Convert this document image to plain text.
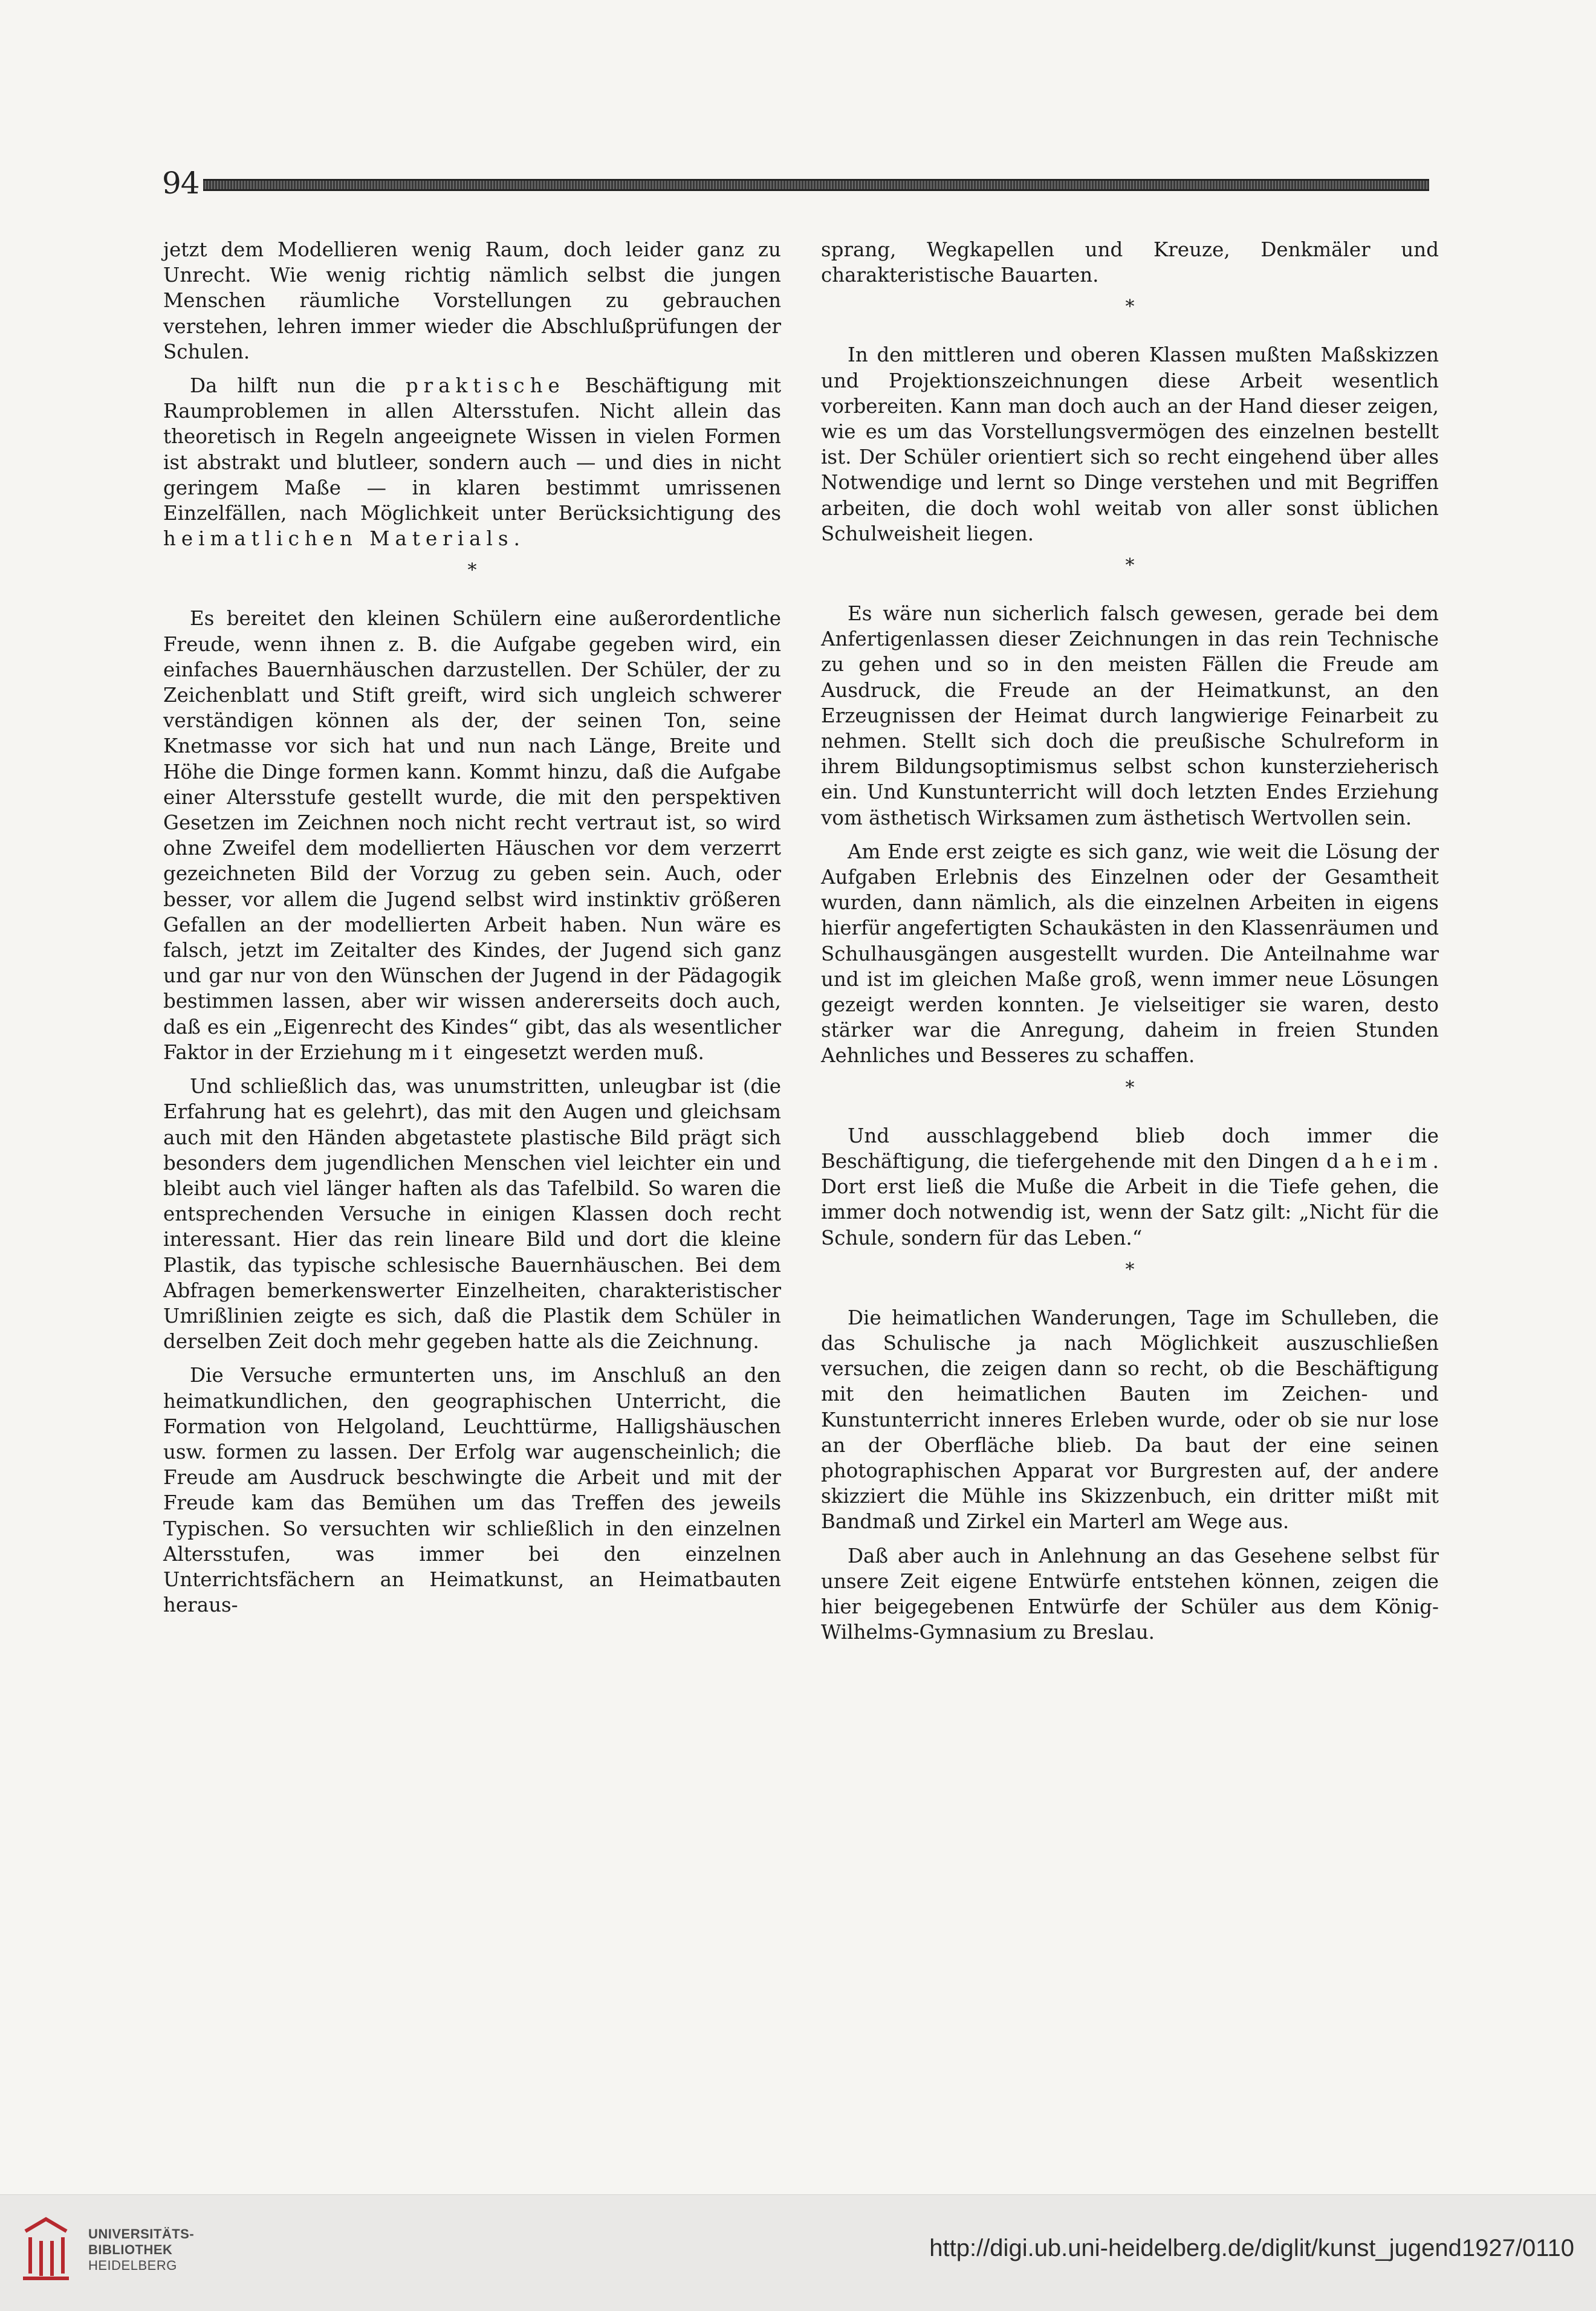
94

jetzt dem Modellieren wenig Raum, doch leider ganz zu Unrecht. Wie wenig richtig nämlich selbst die jungen Menschen räumliche Vorstellungen zu gebrauchen verstehen, lehren immer wieder die Abschlußprüfungen der Schulen.

Da hilft nun die praktische Beschäftigung mit Raumproblemen in allen Altersstufen. Nicht allein das theoretisch in Regeln angeeignete Wissen in vielen Formen ist abstrakt und blutleer, sondern auch — und dies in nicht geringem Maße — in klaren bestimmt umrissenen Einzelfällen, nach Möglichkeit unter Berücksichtigung des heimatlichen Materials.

*

Es bereitet den kleinen Schülern eine außerordentliche Freude, wenn ihnen z. B. die Aufgabe gegeben wird, ein einfaches Bauernhäuschen darzustellen. Der Schüler, der zu Zeichenblatt und Stift greift, wird sich ungleich schwerer verständigen können als der, der seinen Ton, seine Knetmasse vor sich hat und nun nach Länge, Breite und Höhe die Dinge formen kann. Kommt hinzu, daß die Aufgabe einer Altersstufe gestellt wurde, die mit den perspektiven Gesetzen im Zeichnen noch nicht recht vertraut ist, so wird ohne Zweifel dem modellierten Häuschen vor dem verzerrt gezeichneten Bild der Vorzug zu geben sein. Auch, oder besser, vor allem die Jugend selbst wird instinktiv größeren Gefallen an der modellierten Arbeit haben. Nun wäre es falsch, jetzt im Zeitalter des Kindes, der Jugend sich ganz und gar nur von den Wünschen der Jugend in der Pädagogik bestimmen lassen, aber wir wissen andererseits doch auch, daß es ein „Eigenrecht des Kindes“ gibt, das als wesentlicher Faktor in der Erziehung mit eingesetzt werden muß.

Und schließlich das, was unumstritten, unleugbar ist (die Erfahrung hat es gelehrt), das mit den Augen und gleichsam auch mit den Händen abgetastete plastische Bild prägt sich besonders dem jugendlichen Menschen viel leichter ein und bleibt auch viel länger haften als das Tafelbild. So waren die entsprechenden Versuche in einigen Klassen doch recht interessant. Hier das rein lineare Bild und dort die kleine Plastik, das typische schlesische Bauernhäuschen. Bei dem Abfragen bemerkenswerter Einzelheiten, charakteristischer Umrißlinien zeigte es sich, daß die Plastik dem Schüler in derselben Zeit doch mehr gegeben hatte als die Zeichnung.

Die Versuche ermunterten uns, im Anschluß an den heimatkundlichen, den geographischen Unterricht, die Formation von Helgoland, Leuchttürme, Halligshäuschen usw. formen zu lassen. Der Erfolg war augenscheinlich; die Freude am Ausdruck beschwingte die Arbeit und mit der Freude kam das Bemühen um das Treffen des jeweils Typischen. So versuchten wir schließlich in den einzelnen Altersstufen, was immer bei den einzelnen Unterrichtsfächern an Heimatkunst, an Heimatbauten heraus-

sprang, Wegkapellen und Kreuze, Denkmäler und charakteristische Bauarten.

*

In den mittleren und oberen Klassen mußten Maßskizzen und Projektionszeichnungen diese Arbeit wesentlich vorbereiten. Kann man doch auch an der Hand dieser zeigen, wie es um das Vorstellungsvermögen des einzelnen bestellt ist. Der Schüler orientiert sich so recht eingehend über alles Notwendige und lernt so Dinge verstehen und mit Begriffen arbeiten, die doch wohl weitab von aller sonst üblichen Schulweisheit liegen.

*

Es wäre nun sicherlich falsch gewesen, gerade bei dem Anfertigenlassen dieser Zeichnungen in das rein Technische zu gehen und so in den meisten Fällen die Freude am Ausdruck, die Freude an der Heimatkunst, an den Erzeugnissen der Heimat durch langwierige Feinarbeit zu nehmen. Stellt sich doch die preußische Schulreform in ihrem Bildungsoptimismus selbst schon kunsterzieherisch ein. Und Kunstunterricht will doch letzten Endes Erziehung vom ästhetisch Wirksamen zum ästhetisch Wertvollen sein.

Am Ende erst zeigte es sich ganz, wie weit die Lösung der Aufgaben Erlebnis des Einzelnen oder der Gesamtheit wurden, dann nämlich, als die einzelnen Arbeiten in eigens hierfür angefertigten Schaukästen in den Klassenräumen und Schulhausgängen ausgestellt wurden. Die Anteilnahme war und ist im gleichen Maße groß, wenn immer neue Lösungen gezeigt werden konnten. Je vielseitiger sie waren, desto stärker war die Anregung, daheim in freien Stunden Aehnliches und Besseres zu schaffen.

*

Und ausschlaggebend blieb doch immer die Beschäftigung, die tiefergehende mit den Dingen daheim. Dort erst ließ die Muße die Arbeit in die Tiefe gehen, die immer doch notwendig ist, wenn der Satz gilt: „Nicht für die Schule, sondern für das Leben.“

*

Die heimatlichen Wanderungen, Tage im Schulleben, die das Schulische ja nach Möglichkeit auszuschließen versuchen, die zeigen dann so recht, ob die Beschäftigung mit den heimatlichen Bauten im Zeichen- und Kunstunterricht inneres Erleben wurde, oder ob sie nur lose an der Oberfläche blieb. Da baut der eine seinen photographischen Apparat vor Burgresten auf, der andere skizziert die Mühle ins Skizzenbuch, ein dritter mißt mit Bandmaß und Zirkel ein Marterl am Wege aus.

Daß aber auch in Anlehnung an das Gesehene selbst für unsere Zeit eigene Entwürfe entstehen können, zeigen die hier beigegebenen Entwürfe der Schüler aus dem König-Wilhelms-Gymnasium zu Breslau.

UNIVERSITÄTS-
BIBLIOTHEK
HEIDELBERG
http://digi.ub.uni-heidelberg.de/diglit/kunst_jugend1927/0110
